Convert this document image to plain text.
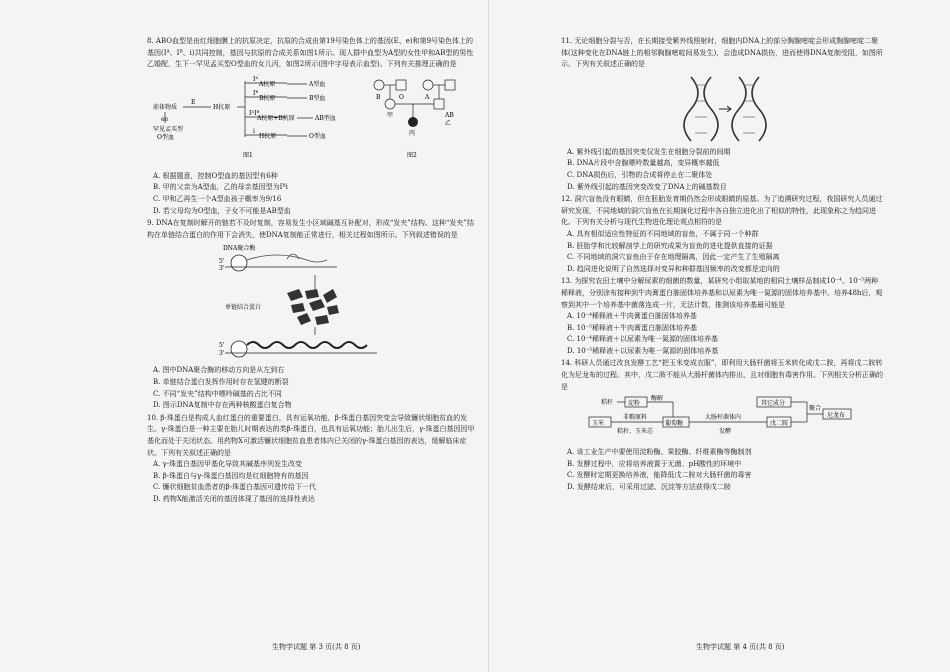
8. ABO血型是由红细胞膜上的抗原决定，抗原的合成由第19号染色体上的基因(E、e)和第9号染色体上的基因(Iᴬ、Iᴮ、i)共同控制，基因与抗原的合成关系如图1所示。现人群中血型为A型的女性甲和AB型的男性乙婚配，生下一罕见孟买型O型血的女儿丙，如图2所示(图中字母表示血型)。下列有关推理正确的是
前体物质
E
ee
罕见孟买型
O型血
H抗原
Iᴬ
Iᴮ
IᴬIᴮ
i
A抗原
B抗原
A抗原+B抗原
H抗原
A型血
B型血
AB型血
O型血
图1
B	O	A
AB
甲
乙
丙
图2
A. 根据题意，控制O型血的基因型有6种
B. 甲的父亲为A型血，乙的母亲基因型为Iᴮi
C. 甲和乙再生一个A型血孩子概率为9/16
D. 若父母均为O型血，子女不可能是AB型血
9. DNA在复制时解开的链若不及时复制，容易发生小区域碱基互补配对，形成“发夹”结构。这种“发夹”结构在单链结合蛋白的作用下会消失，使DNA复制能正常进行，相关过程如图所示。下列叙述错误的是
DNA聚合酶
5'
3'
单链结合蛋白
5'
3'
A. 图中DNA聚合酶的移动方向是从左到右
B. 单链结合蛋白发挥作用时存在氢键的断裂
C. 不同“发夹”结构中嘌呤碱基的占比不同
D. 图示DNA复制中存在两种核酸蛋白复合物
10. β-珠蛋白是构成人血红蛋白的重要蛋白，具有运氧功能，β-珠蛋白基因突变会导致镰状细胞贫血的发生。γ-珠蛋白是一种主要在胎儿时期表达的类β-珠蛋白，也具有运氧功能；胎儿出生后，γ-珠蛋白基因因甲基化而处于关闭状态。用药物X可激活镰状细胞贫血患者体内已关闭的γ-珠蛋白基因的表达，缓解临床症状。下列有关叙述正确的是
A. γ-珠蛋白基因甲基化导致其碱基序列发生改变
B. β-珠蛋白与γ-珠蛋白基因均是红细胞特有的基因
C. 镰状细胞贫血患者的β-珠蛋白基因可遗传给下一代
D. 药物X能激活关闭的基因体现了基因的选择性表达
生物学试题 第 3 页(共 8 页)
11. 无论细胞分裂与否，在长期接受紫外线照射时，细胞内DNA上的部分胸腺嘧啶会形成胸腺嘧啶二聚体(这种变化在DNA链上的相邻胸腺嘧啶间易发生)，会造成DNA损伤，进而使得DNA复制受阻，如图所示。下列有关叙述正确的是
A. 紫外线引起的基因突变仅发生在细胞分裂前的间期
B. DNA片段中含腺嘌呤数量越高，变异概率越低
C. DNA损伤后，引物的合成将停止在二聚体处
D. 紫外线引起的基因突变改变了DNA上的碱基数目
12. 洞穴盲鱼没有眼睛，但在胚胎发育期仍然会形成眼睛的原基。为了追溯研究过程，我国研究人员通过研究发现，不同地域的洞穴盲鱼在长期演化过程中各自独立进化出了相似的特性，此现象称之为趋同进化。下列有关分析与现代生物进化理论观点相符的是
A. 具有相似适应性特征的不同地域的盲鱼，不属于同一个种群
B. 胚胎学和比较解剖学上的研究成果为盲鱼的进化提供直接的证据
C. 不同地域的洞穴盲鱼由于存在地理隔离，因此一定产生了生殖隔离
D. 趋同进化说明了自然选择对变异和种群基因频率的改变都是定向的
13. 为探究农田土壤中分解尿素的细菌的数量，某研究小组取某地的相同土壤样品制成10⁻⁴、10⁻⁵两种稀释液，分别涂布接种到牛肉膏蛋白胨固体培养基和以尿素为唯一氮源的固体培养基中。培养48h后，观察到其中一个培养基中菌落连成一片，无法计数，推测该培养基最可能是
A. 10⁻⁴稀释液＋牛肉膏蛋白胨固体培养基
B. 10⁻⁵稀释液＋牛肉膏蛋白胨固体培养基
C. 10⁻⁴稀释液＋以尿素为唯一氮源的固体培养基
D. 10⁻⁵稀释液＋以尿素为唯一氮源的固体培养基
14. 科研人员通过改良发酵工艺“把玉米变成衣服”，即利用大肠杆菌将玉米转化成戊二胺，再将戊二胺转化为尼龙布的过程。其中，戊二胺不能从大肠杆菌体内排出，且对细胞有毒害作用。下列相关分析正确的是
秸秆 淀粉
酶解
玉米
非粮原料
秸秆、玉米芯
葡萄糖
大肠杆菌体内
发酵
戊二胺
其它成分
聚合
尼龙布
A. 该工业生产中要使用淀粉酶、果胶酶、纤维素酶等酶制剂
B. 发酵过程中，应将培养液置于无菌、pH酸性的环境中
C. 发酵时定期更换培养液，能降低戊二胺对大肠杆菌的毒害
D. 发酵结束后，可采用过滤、沉淀等方法获得戊二胺
生物学试题 第 4 页(共 8 页)
